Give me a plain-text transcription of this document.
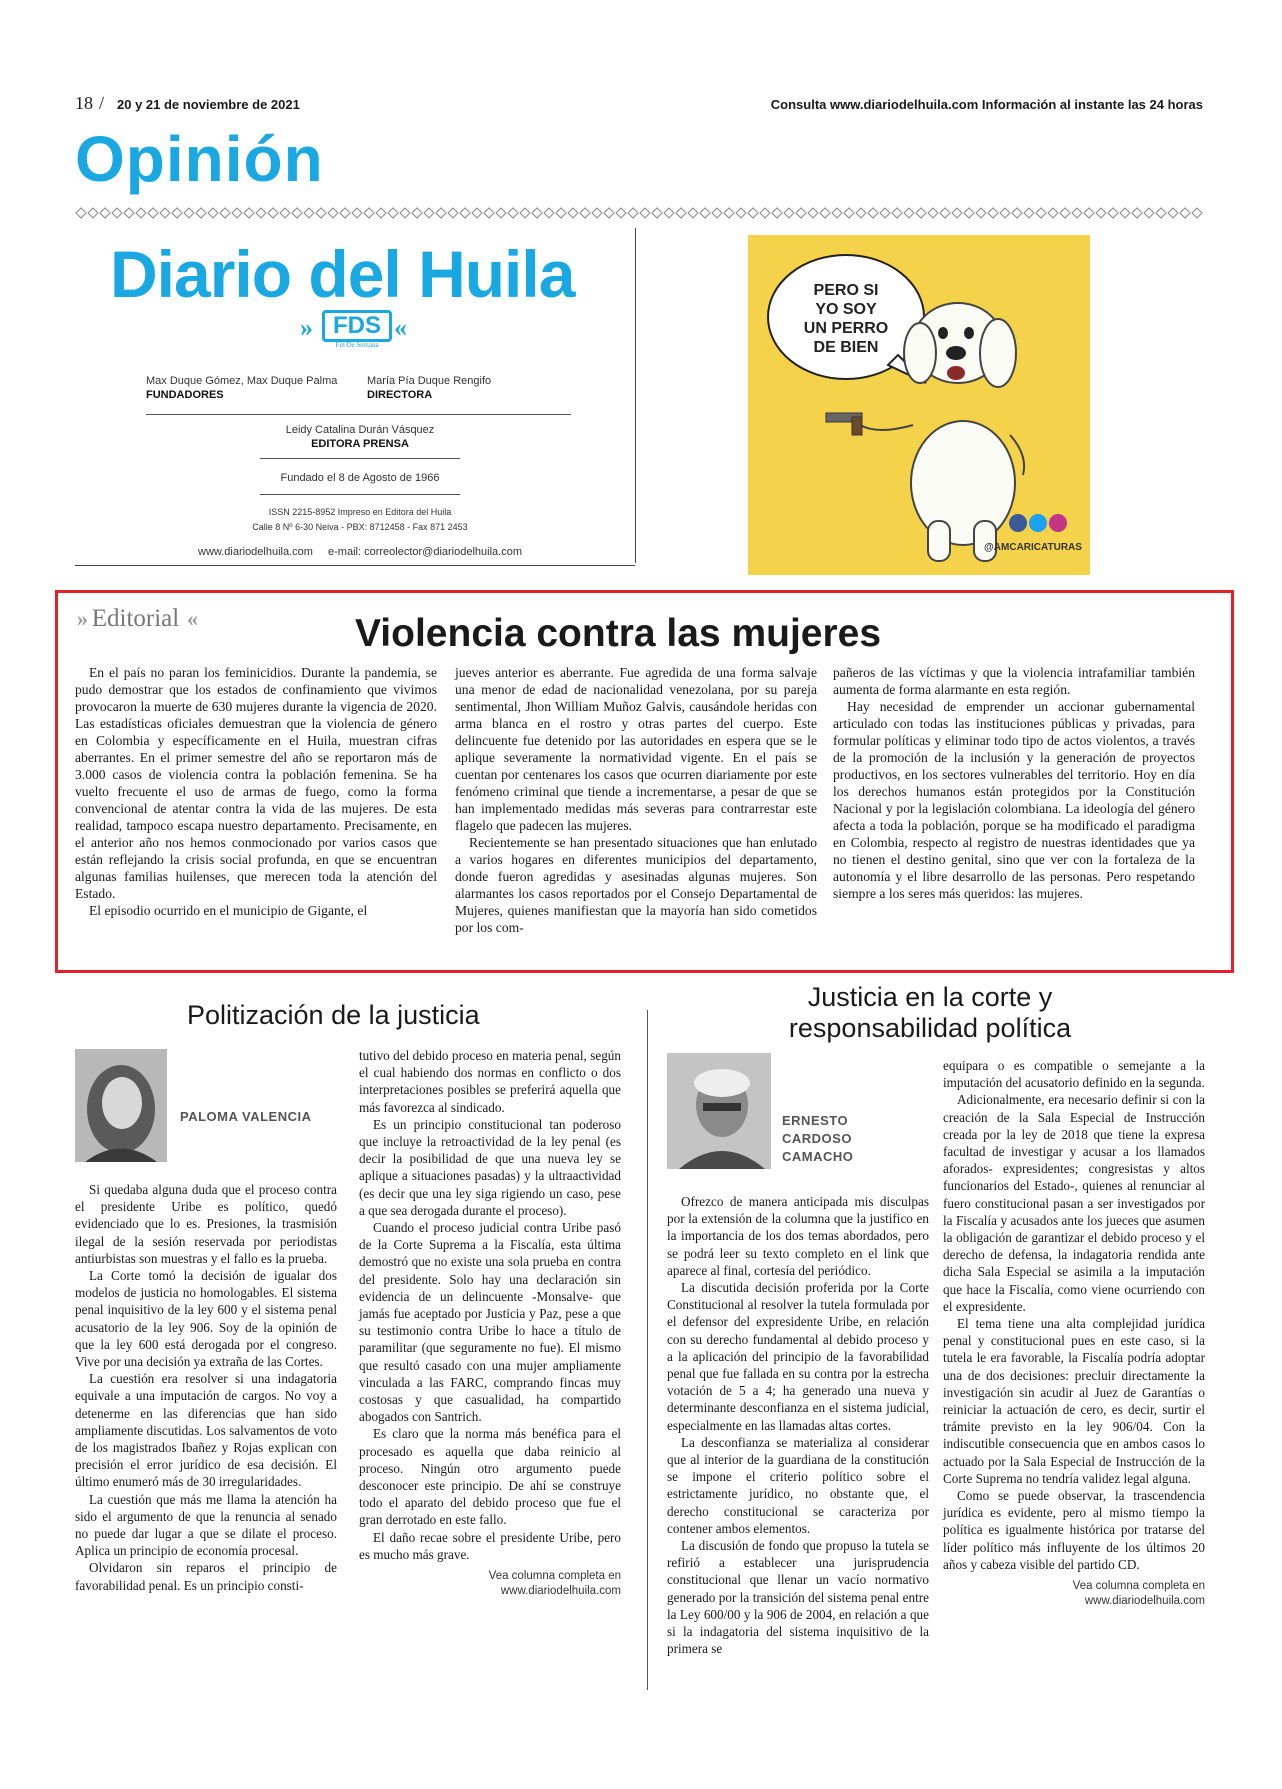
18 / 20 y 21 de noviembre de 2021	Consulta www.diariodelhuila.com Información al instante las 24 horas
Opinión
Diario del Huila
» FDS
Fin De Semana
«
Max Duque Gómez, Max Duque Palma
FUNDADORES
María Pía Duque Rengifo
DIRECTORA
Leidy Catalina Durán Vásquez
EDITORA PRENSA
Fundado el 8 de Agosto de 1966
ISSN 2215-8952 Impreso en Editora del Huila
Calle 8 Nº 6-30 Neiva - PBX: 8712458 - Fax 871 2453
www.diariodelhuila.com e-mail: correolector@diariodelhuila.com
PERO SI
YO SOY
UN PERRO
DE BIEN
@AMCARICATURAS
»  Editorial  «	Violencia contra las mujeres

En el país no paran los feminicidios. Durante la pandemia, se pudo demostrar que los estados de confinamiento que vivimos provocaron la muerte de 630 mujeres durante la vigencia de 2020. Las estadísticas oficiales demuestran que la violencia de género en Colombia y específicamente en el Huila, muestran cifras aberrantes. En el primer semestre del año se reportaron más de 3.000 casos de violencia contra la población femenina. Se ha vuelto frecuente el uso de armas de fuego, como la forma convencional de atentar contra la vida de las mujeres. De esta realidad, tampoco escapa nuestro departamento. Precisamente, en el anterior año nos hemos conmocionado por varios casos que están reflejando la crisis social profunda, en que se encuentran algunas familias huilenses, que merecen toda la atención del Estado.

El episodio ocurrido en el municipio de Gigante, el

jueves anterior es aberrante. Fue agredida de una forma salvaje una menor de edad de nacionalidad venezolana, por su pareja sentimental, Jhon William Muñoz Galvis, causándole heridas con arma blanca en el rostro y otras partes del cuerpo. Este delincuente fue detenido por las autoridades en espera que se le aplique severamente la normatividad vigente. En el país se cuentan por centenares los casos que ocurren diariamente por este fenómeno criminal que tiende a incrementarse, a pesar de que se han implementado medidas más severas para contrarrestar este flagelo que padecen las mujeres.

Recientemente se han presentado situaciones que han enlutado a varios hogares en diferentes municipios del departamento, donde fueron agredidas y asesinadas algunas mujeres. Son alarmantes los casos reportados por el Consejo Departamental de Mujeres, quienes manifiestan que la mayoría han sido cometidos por los com-

pañeros de las víctimas y que la violencia intrafamiliar también aumenta de forma alarmante en esta región.

Hay necesidad de emprender un accionar gubernamental articulado con todas las instituciones públicas y privadas, para formular políticas y eliminar todo tipo de actos violentos, a través de la promoción de la inclusión y la generación de proyectos productivos, en los sectores vulnerables del territorio. Hoy en día los derechos humanos están protegidos por la Constitución Nacional y por la legislación colombiana. La ideología del género afecta a toda la población, porque se ha modificado el paradigma en Colombia, respecto al registro de nuestras identidades que ya no tienen el destino genital, sino que ver con la fortaleza de la autonomía y el libre desarrollo de las personas. Pero respetando siempre a los seres más queridos: las mujeres.

Politización de la justicia
PALOMA VALENCIA

Si quedaba alguna duda que el proceso contra el presidente Uribe es político, quedó evidenciado que lo es. Presiones, la trasmisión ilegal de la sesión reservada por periodistas antiurbistas son muestras y el fallo es la prueba.

La Corte tomó la decisión de igualar dos modelos de justicia no homologables. El sistema penal inquisitivo de la ley 600 y el sistema penal acusatorio de la ley 906. Soy de la opinión de que la ley 600 está derogada por el congreso. Vive por una decisión ya extraña de las Cortes.

La cuestión era resolver si una indagatoria equivale a una imputación de cargos. No voy a detenerme en las diferencias que han sido ampliamente discutidas. Los salvamentos de voto de los magistrados Ibañez y Rojas explican con precisión el error jurídico de esa decisión. El último enumeró más de 30 irregularidades.

La cuestión que más me llama la atención ha sido el argumento de que la renuncia al senado no puede dar lugar a que se dilate el proceso. Aplica un principio de economía procesal.

Olvidaron sin reparos el principio de favorabilidad penal. Es un principio consti-

tutivo del debido proceso en materia penal, según el cual habiendo dos normas en conflicto o dos interpretaciones posibles se preferirá aquella que más favorezca al sindicado.

Es un principio constitucional tan poderoso que incluye la retroactividad de la ley penal (es decir la posibilidad de que una nueva ley se aplique a situaciones pasadas) y la ultraactividad (es decir que una ley siga rigiendo un caso, pese a que sea derogada durante el proceso).

Cuando el proceso judicial contra Uribe pasó de la Corte Suprema a la Fiscalía, esta última demostró que no existe una sola prueba en contra del presidente. Solo hay una declaración sin evidencia de un delincuente -Monsalve- que jamás fue aceptado por Justicia y Paz, pese a que su testimonio contra Uribe lo hace a título de paramilitar (que seguramente no fue). El mismo que resultó casado con una mujer ampliamente vinculada a las FARC, comprando fincas muy costosas y que casualidad, ha compartido abogados con Santrich.

Es claro que la norma más benéfica para el procesado es aquella que daba reinicio al proceso. Ningún otro argumento puede desconocer este principio. De ahí se construye todo el aparato del debido proceso que fue el gran derrotado en este fallo.

El daño recae sobre el presidente Uribe, pero es mucho más grave.

Vea columna completa en
www.diariodelhuila.com
Justicia en la corte y
responsabilidad política
ERNESTO
CARDOSO
CAMACHO

Ofrezco de manera anticipada mis disculpas por la extensión de la columna que la justifico en la importancia de los dos temas abordados, pero se podrá leer su texto completo en el link que aparece al final, cortesía del periódico.

La discutida decisión proferida por la Corte Constitucional al resolver la tutela formulada por el defensor del expresidente Uribe, en relación con su derecho fundamental al debido proceso y a la aplicación del principio de la favorabilidad penal que fue fallada en su contra por la estrecha votación de 5 a 4; ha generado una nueva y determinante desconfianza en el sistema judicial, especialmente en las llamadas altas cortes.

La desconfianza se materializa al considerar que al interior de la guardiana de la constitución se impone el criterio político sobre el estrictamente jurídico, no obstante que, el derecho constitucional se caracteriza por contener ambos elementos.

La discusión de fondo que propuso la tutela se refirió a establecer una jurisprudencia constitucional que llenar un vacío normativo generado por la transición del sistema penal entre la Ley 600/00 y la 906 de 2004, en relación a que si la indagatoria del sistema inquisitivo de la primera se

equipara o es compatible o semejante a la imputación del acusatorio definido en la segunda.

Adicionalmente, era necesario definir si con la creación de la Sala Especial de Instrucción creada por la ley de 2018 que tiene la expresa facultad de investigar y acusar a los llamados aforados- expresidentes; congresistas y altos funcionarios del Estado-, quienes al renunciar al fuero constitucional pasan a ser investigados por la Fiscalía y acusados ante los jueces que asumen la obligación de garantizar el debido proceso y el derecho de defensa, la indagatoria rendida ante dicha Sala Especial se asimila a la imputación que hace la Fiscalía, como viene ocurriendo con el expresidente.

El tema tiene una alta complejidad jurídica penal y constitucional pues en este caso, si la tutela le era favorable, la Fiscalía podría adoptar una de dos decisiones: precluir directamente la investigación sin acudir al Juez de Garantías o reiniciar la actuación de cero, es decir, surtir el trámite previsto en la ley 906/04. Con la indiscutible consecuencia que en ambos casos lo actuado por la Sala Especial de Instrucción de la Corte Suprema no tendría validez legal alguna.

Como se puede observar, la trascendencia jurídica es evidente, pero al mismo tiempo la política es igualmente histórica por tratarse del líder político más influyente de los últimos 20 años y cabeza visible del partido CD.

Vea columna completa en
www.diariodelhuila.com
